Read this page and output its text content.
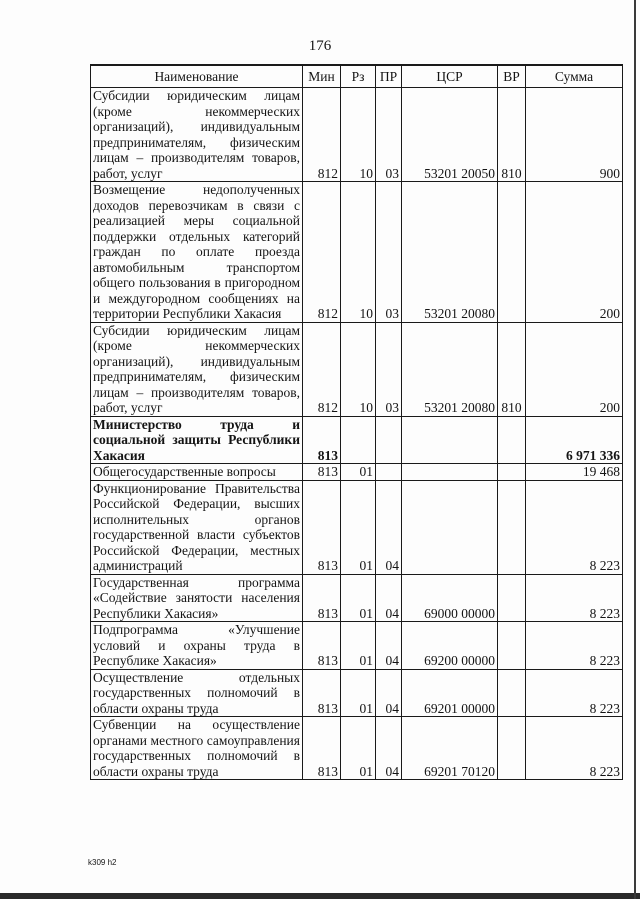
176
Наименование	Мин	Рз	ПР	ЦСР	ВР	Сумма
Субсидии юридическим лицам (кроме некоммерческих организаций), индивидуальным предпринимателям, физическим лицам – производителям товаров, работ, услуг	812	10	03	53201 20050	810	900
Возмещение недополученных доходов перевозчикам в связи с реализацией меры социальной поддержки отдельных категорий граждан по оплате проезда автомобильным транспортом общего пользования в пригородном и междугородном сообщениях на территории Республики Хакасия	812	10	03	53201 20080		200
Субсидии юридическим лицам (кроме некоммерческих организаций), индивидуальным предпринимателям, физическим лицам – производителям товаров, работ, услуг	812	10	03	53201 20080	810	200
Министерство труда и социальной защиты Республики Хакасия	813					6 971 336
Общегосударственные вопросы	813	01				19 468
Функционирование Правительства Российской Федерации, высших исполнительных органов государственной власти субъектов Российской Федерации, местных администраций	813	01	04			8 223
Государственная программа «Содействие занятости населения Республики Хакасия»	813	01	04	69000 00000		8 223
Подпрограмма «Улучшение условий и охраны труда в Республике Хакасия»	813	01	04	69200 00000		8 223
Осуществление отдельных государственных полномочий в области охраны труда	813	01	04	69201 00000		8 223
Субвенции на осуществление органами местного самоуправления государственных полномочий в области охраны труда	813	01	04	69201 70120		8 223
k309 h2
